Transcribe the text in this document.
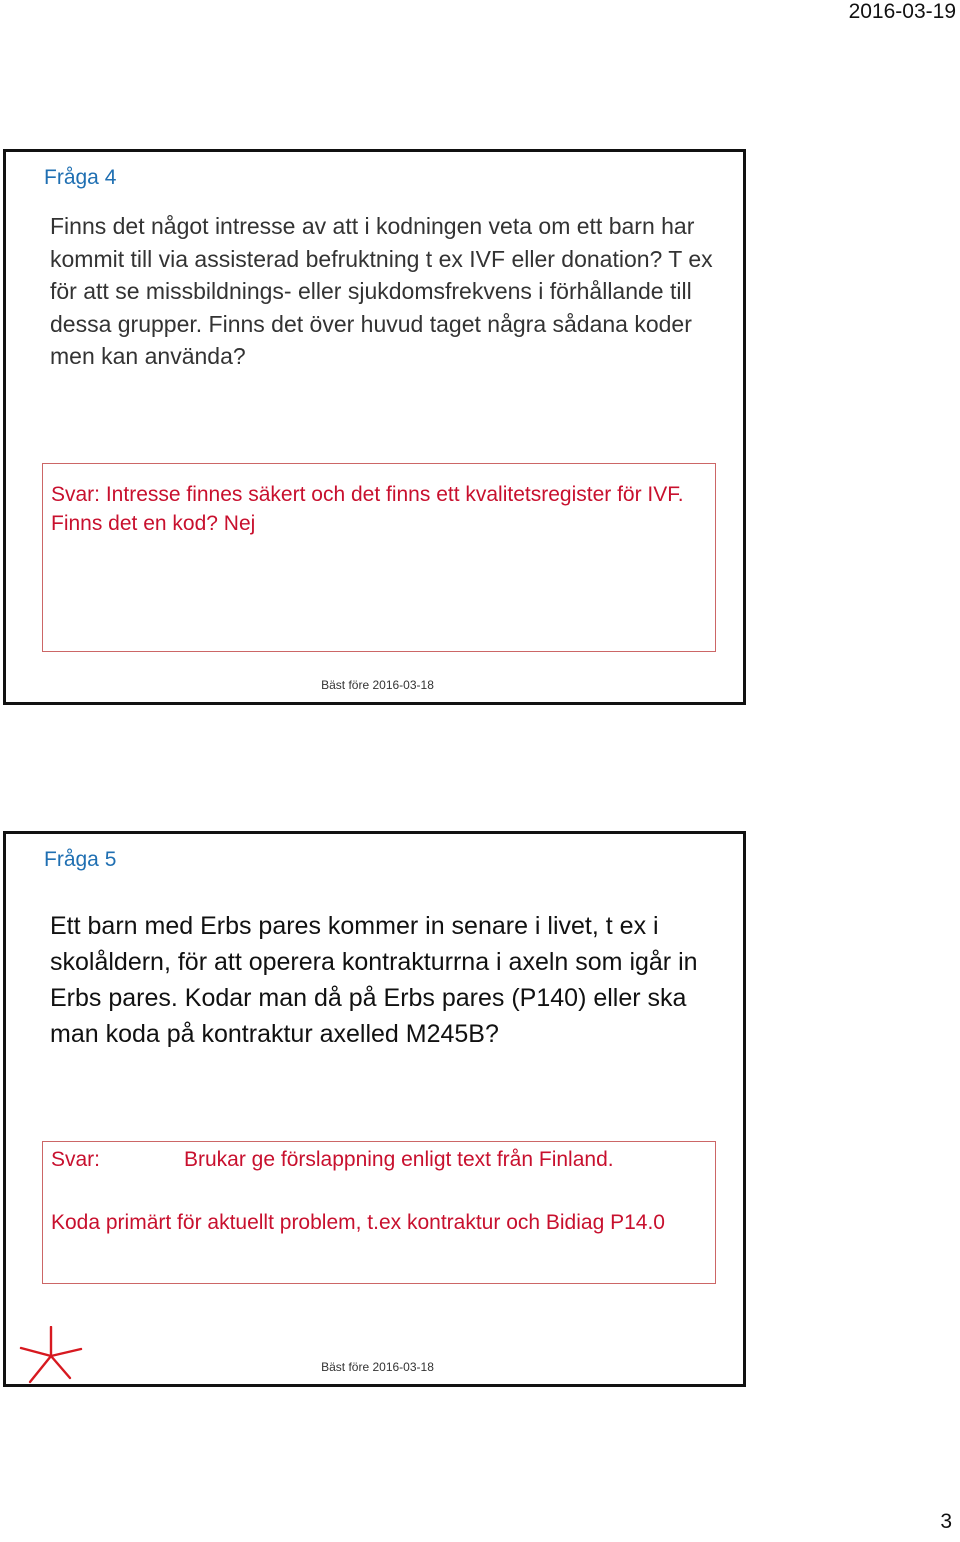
2016-03-19
Fråga 4
Finns det något intresse av att i kodningen veta om ett barn har kommit till via assisterad befruktning t ex IVF eller donation? T ex för att se missbildnings- eller sjukdomsfrekvens i förhållande till dessa grupper. Finns det över huvud taget några sådana koder men kan använda?
Svar: Intresse finnes säkert och det finns ett kvalitetsregister för IVF. Finns det en kod? Nej
Bäst före 2016-03-18
Fråga 5
Ett barn med Erbs pares kommer in senare i livet, t ex i skolåldern, för att operera kontrakturrna i axeln som igår in Erbs pares. Kodar man då på Erbs pares (P140) eller ska man koda på kontraktur axelled M245B?
Svar:	Brukar ge förslappning enligt text från Finland.
Koda primärt för aktuellt problem, t.ex kontraktur och Bidiag P14.0
Bäst före 2016-03-18
3
